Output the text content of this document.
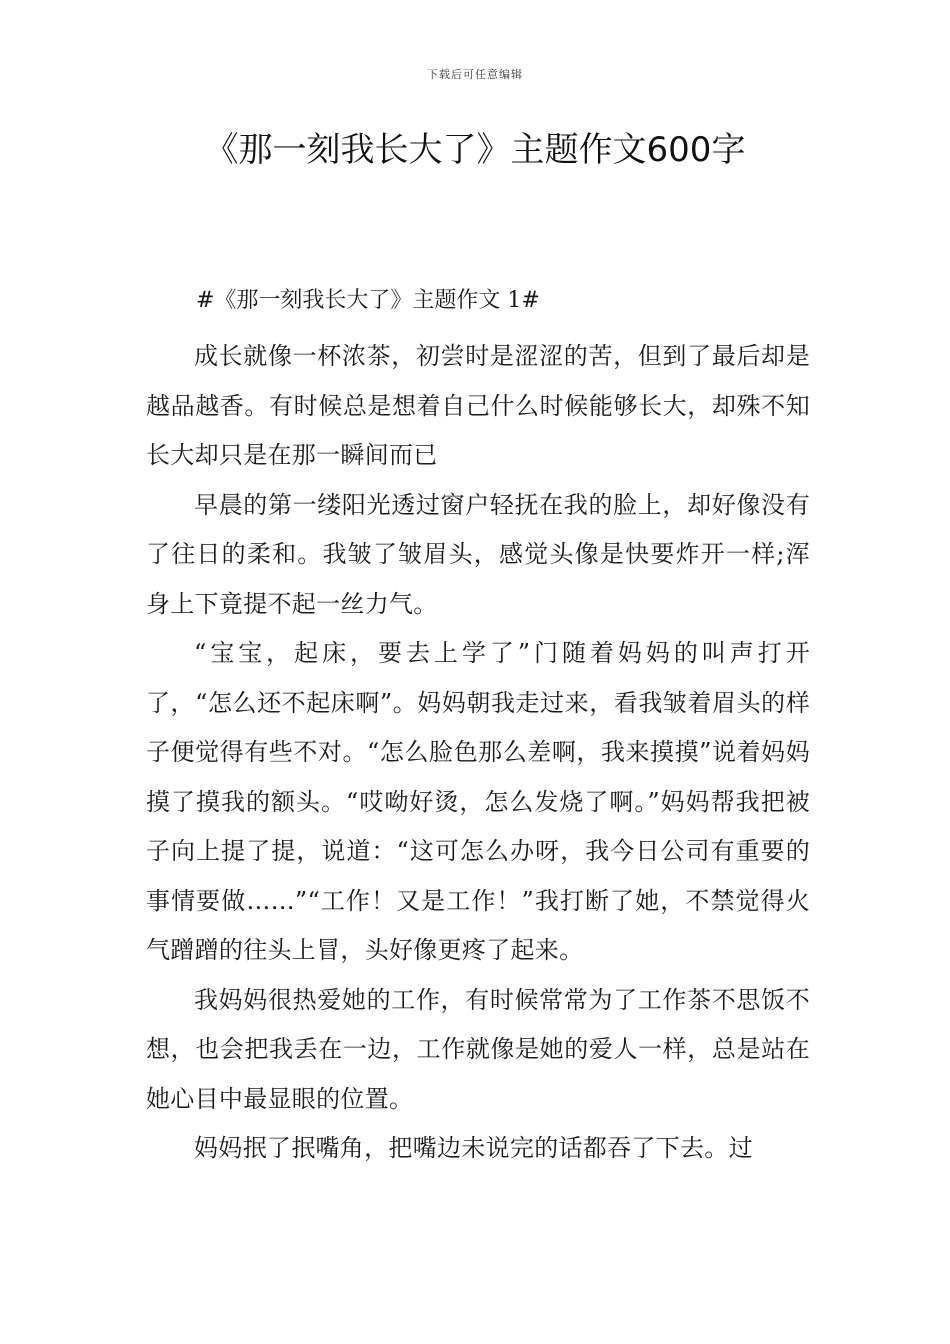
下载后可任意编辑
《那一刻我长大了》主题作文600字

#《那一刻我长大了》主题作文 1#

成长就像一杯浓茶，初尝时是涩涩的苦，但到了最后却是越品越香。有时候总是想着自己什么时候能够长大，却殊不知长大却只是在那一瞬间而已

早晨的第一缕阳光透过窗户轻抚在我的脸上，却好像没有了往日的柔和。我皱了皱眉头，感觉头像是快要炸开一样;浑身上下竟提不起一丝力气。

“宝宝，起床，要去上学了”门随着妈妈的叫声打开了，“怎么还不起床啊”。妈妈朝我走过来，看我皱着眉头的样子便觉得有些不对。“怎么脸色那么差啊，我来摸摸”说着妈妈摸了摸我的额头。“哎呦好烫，怎么发烧了啊。”妈妈帮我把被子向上提了提，说道：“这可怎么办呀，我今日公司有重要的事情要做……”“工作！又是工作！”我打断了她，不禁觉得火气蹭蹭的往头上冒，头好像更疼了起来。

我妈妈很热爱她的工作，有时候常常为了工作茶不思饭不想，也会把我丢在一边，工作就像是她的爱人一样，总是站在她心目中最显眼的位置。

妈妈抿了抿嘴角，把嘴边未说完的话都吞了下去。过
